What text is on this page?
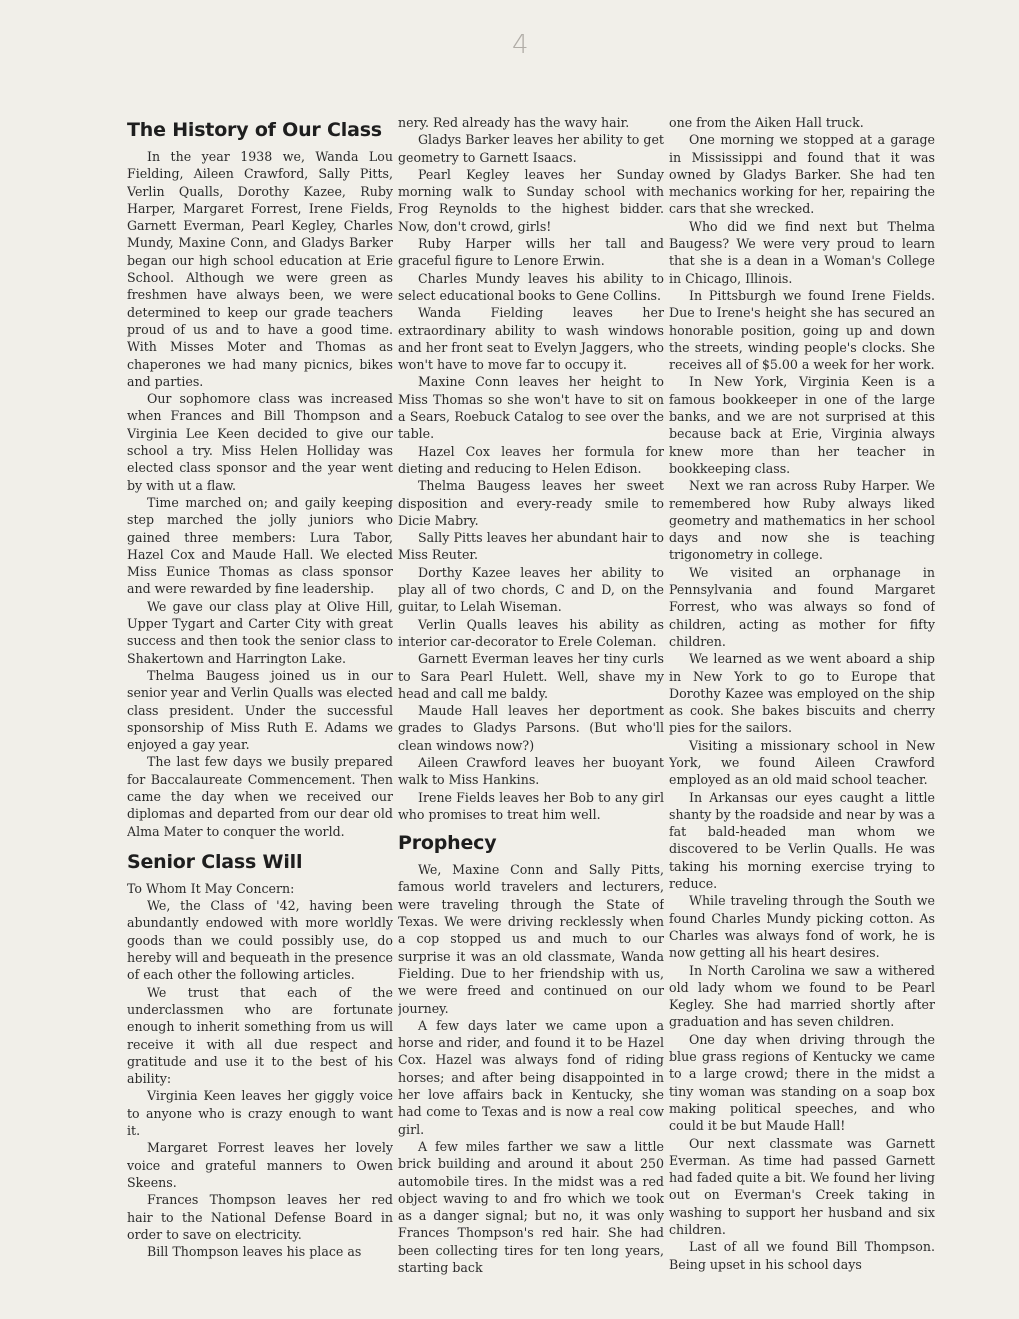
4
The History of Our Class

In the year 1938 we, Wanda Lou Fielding, Aileen Crawford, Sally Pitts, Verlin Qualls, Dorothy Kazee, Ruby Harper, Margaret Forrest, Irene Fields, Garnett Everman, Pearl Kegley, Charles Mundy, Maxine Conn, and Gladys Barker began our high school education at Erie School. Although we were green as freshmen have always been, we were determined to keep our grade teachers proud of us and to have a good time. With Misses Moter and Thomas as chaperones we had many picnics, bikes and parties.

Our sophomore class was increased when Frances and Bill Thompson and Virginia Lee Keen decided to give our school a try. Miss Helen Holliday was elected class sponsor and the year went by with ut a flaw.

Time marched on; and gaily keeping step marched the jolly juniors who gained three members: Lura Tabor, Hazel Cox and Maude Hall. We elected Miss Eunice Thomas as class sponsor and were rewarded by fine leadership.

We gave our class play at Olive Hill, Upper Tygart and Carter City with great success and then took the senior class to Shakertown and Harrington Lake.

Thelma Baugess joined us in our senior year and Verlin Qualls was elected class president. Under the successful sponsorship of Miss Ruth E. Adams we enjoyed a gay year.

The last few days we busily prepared for Baccalaureate Commencement. Then came the day when we received our diplomas and departed from our dear old Alma Mater to conquer the world.

Senior Class Will

To Whom It May Concern:

We, the Class of '42, having been abundantly endowed with more worldly goods than we could possibly use, do hereby will and bequeath in the presence of each other the following articles.

We trust that each of the underclassmen who are fortunate enough to inherit something from us will receive it with all due respect and gratitude and use it to the best of his ability:

Virginia Keen leaves her giggly voice to anyone who is crazy enough to want it.

Margaret Forrest leaves her lovely voice and grateful manners to Owen Skeens.

Frances Thompson leaves her red hair to the National Defense Board in order to save on electricity.

Bill Thompson leaves his place as

nery. Red already has the wavy hair.

Gladys Barker leaves her ability to get geometry to Garnett Isaacs.

Pearl Kegley leaves her Sunday morning walk to Sunday school with Frog Reynolds to the highest bidder. Now, don't crowd, girls!

Ruby Harper wills her tall and graceful figure to Lenore Erwin.

Charles Mundy leaves his ability to select educational books to Gene Collins.

Wanda Fielding leaves her extraordinary ability to wash windows and her front seat to Evelyn Jaggers, who won't have to move far to occupy it.

Maxine Conn leaves her height to Miss Thomas so she won't have to sit on a Sears, Roebuck Catalog to see over the table.

Hazel Cox leaves her formula for dieting and reducing to Helen Edison.

Thelma Baugess leaves her sweet disposition and every-ready smile to Dicie Mabry.

Sally Pitts leaves her abundant hair to Miss Reuter.

Dorthy Kazee leaves her ability to play all of two chords, C and D, on the guitar, to Lelah Wiseman.

Verlin Qualls leaves his ability as interior car-decorator to Erele Coleman.

Garnett Everman leaves her tiny curls to Sara Pearl Hulett. Well, shave my head and call me baldy.

Maude Hall leaves her deportment grades to Gladys Parsons. (But who'll clean windows now?)

Aileen Crawford leaves her buoyant walk to Miss Hankins.

Irene Fields leaves her Bob to any girl who promises to treat him well.

Prophecy

We, Maxine Conn and Sally Pitts, famous world travelers and lecturers, were traveling through the State of Texas. We were driving recklessly when a cop stopped us and much to our surprise it was an old classmate, Wanda Fielding. Due to her friendship with us, we were freed and continued on our journey.

A few days later we came upon a horse and rider, and found it to be Hazel Cox. Hazel was always fond of riding horses; and after being disappointed in her love affairs back in Kentucky, she had come to Texas and is now a real cow girl.

A few miles farther we saw a little brick building and around it about 250 automobile tires. In the midst was a red object waving to and fro which we took as a danger signal; but no, it was only Frances Thompson's red hair. She had been collecting tires for ten long years, starting back

one from the Aiken Hall truck.

One morning we stopped at a garage in Mississippi and found that it was owned by Gladys Barker. She had ten mechanics working for her, repairing the cars that she wrecked.

Who did we find next but Thelma Baugess? We were very proud to learn that she is a dean in a Woman's College in Chicago, Illinois.

In Pittsburgh we found Irene Fields. Due to Irene's height she has secured an honorable position, going up and down the streets, winding people's clocks. She receives all of $5.00 a week for her work.

In New York, Virginia Keen is a famous bookkeeper in one of the large banks, and we are not surprised at this because back at Erie, Virginia always knew more than her teacher in bookkeeping class.

Next we ran across Ruby Harper. We remembered how Ruby always liked geometry and mathematics in her school days and now she is teaching trigonometry in college.

We visited an orphanage in Pennsylvania and found Margaret Forrest, who was always so fond of children, acting as mother for fifty children.

We learned as we went aboard a ship in New York to go to Europe that Dorothy Kazee was employed on the ship as cook. She bakes biscuits and cherry pies for the sailors.

Visiting a missionary school in New York, we found Aileen Crawford employed as an old maid school teacher.

In Arkansas our eyes caught a little shanty by the roadside and near by was a fat bald-headed man whom we discovered to be Verlin Qualls. He was taking his morning exercise trying to reduce.

While traveling through the South we found Charles Mundy picking cotton. As Charles was always fond of work, he is now getting all his heart desires.

In North Carolina we saw a withered old lady whom we found to be Pearl Kegley. She had married shortly after graduation and has seven children.

One day when driving through the blue grass regions of Kentucky we came to a large crowd; there in the midst a tiny woman was standing on a soap box making political speeches, and who could it be but Maude Hall!

Our next classmate was Garnett Everman. As time had passed Garnett had faded quite a bit. We found her living out on Everman's Creek taking in washing to support her husband and six children.

Last of all we found Bill Thompson. Being upset in his school days
